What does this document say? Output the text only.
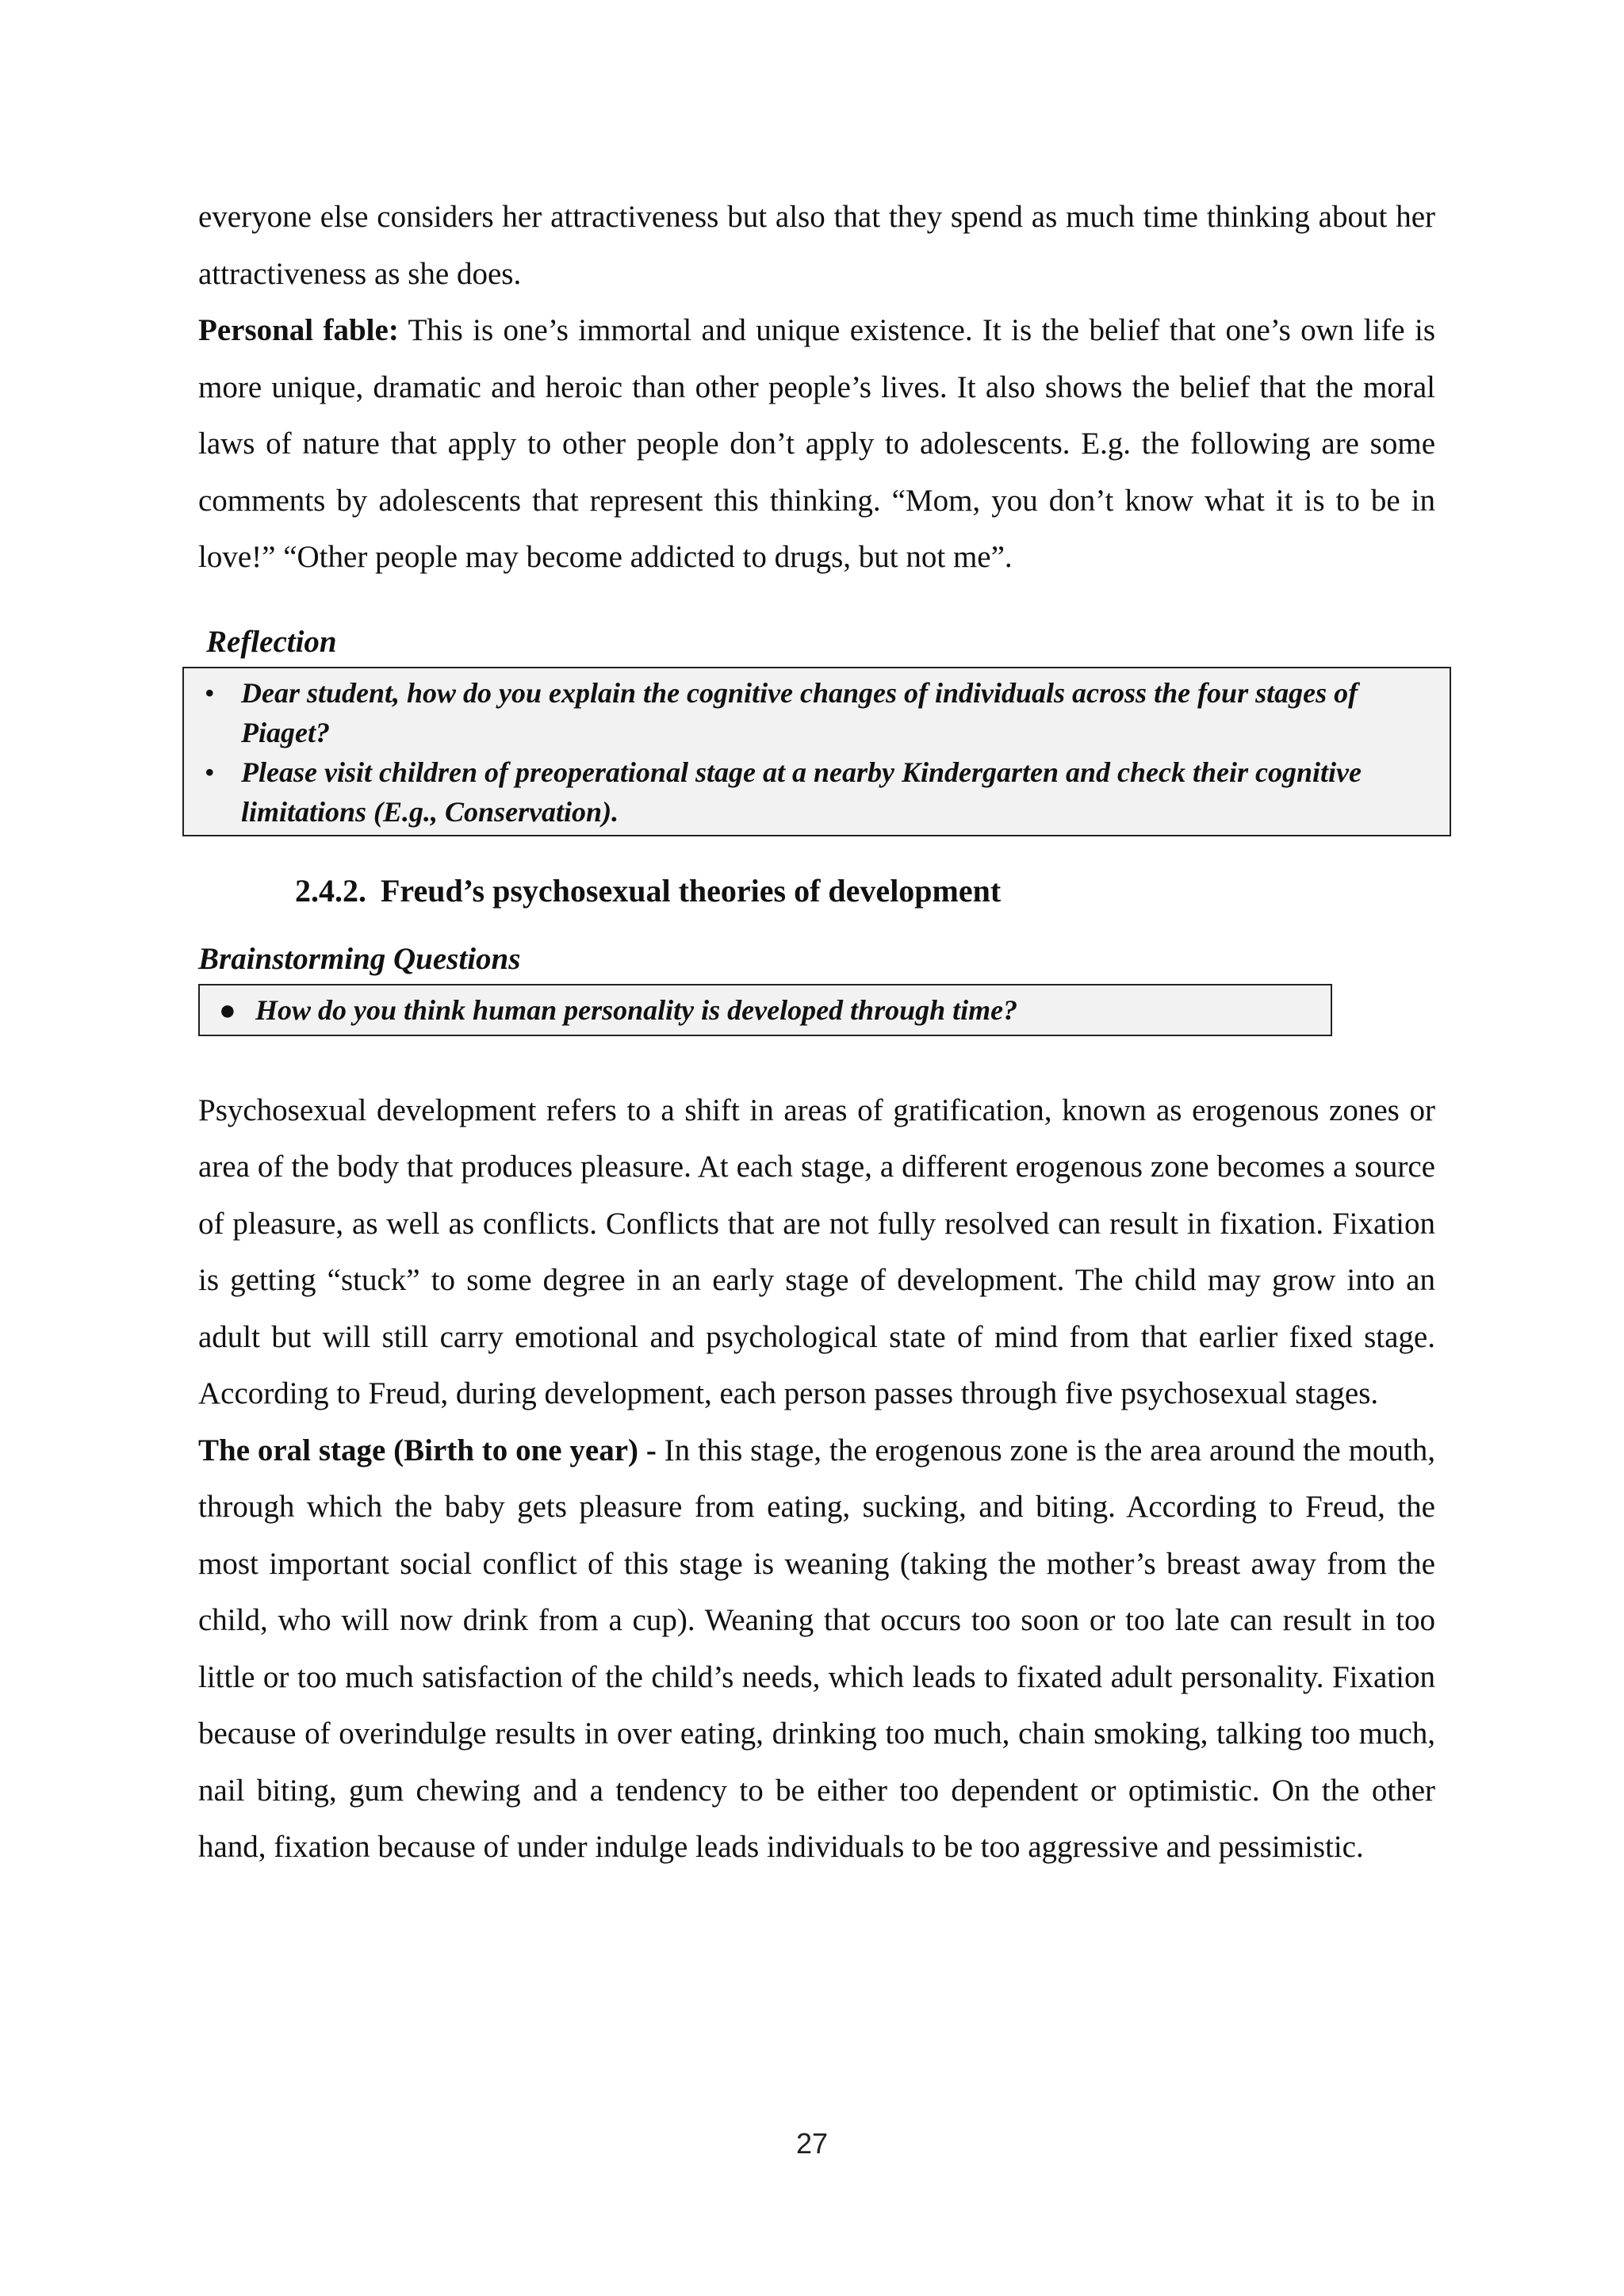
everyone else considers her attractiveness but also that they spend as much time thinking about her attractiveness as she does.

Personal fable: This is one’s immortal and unique existence. It is the belief that one’s own life is more unique, dramatic and heroic than other people’s lives. It also shows the belief that the moral laws of nature that apply to other people don’t apply to adolescents. E.g. the following are some comments by adolescents that represent this thinking. “Mom, you don’t know what it is to be in love!” “Other people may become addicted to drugs, but not me”.

Reflection
• Dear student, how do you explain the cognitive changes of individuals across the four stages of Piaget?
• Please visit children of preoperational stage at a nearby Kindergarten and check their cognitive limitations (E.g., Conservation).
2.4.2. Freud’s psychosexual theories of development
Brainstorming Questions
● How do you think human personality is developed through time?

Psychosexual development refers to a shift in areas of gratification, known as erogenous zones or area of the body that produces pleasure. At each stage, a different erogenous zone becomes a source of pleasure, as well as conflicts. Conflicts that are not fully resolved can result in fixation. Fixation is getting “stuck” to some degree in an early stage of development. The child may grow into an adult but will still carry emotional and psychological state of mind from that earlier fixed stage. According to Freud, during development, each person passes through five psychosexual stages.

The oral stage (Birth to one year) - In this stage, the erogenous zone is the area around the mouth, through which the baby gets pleasure from eating, sucking, and biting. According to Freud, the most important social conflict of this stage is weaning (taking the mother’s breast away from the child, who will now drink from a cup). Weaning that occurs too soon or too late can result in too little or too much satisfaction of the child’s needs, which leads to fixated adult personality. Fixation because of overindulge results in over eating, drinking too much, chain smoking, talking too much, nail biting, gum chewing and a tendency to be either too dependent or optimistic. On the other hand, fixation because of under indulge leads individuals to be too aggressive and pessimistic.

27
